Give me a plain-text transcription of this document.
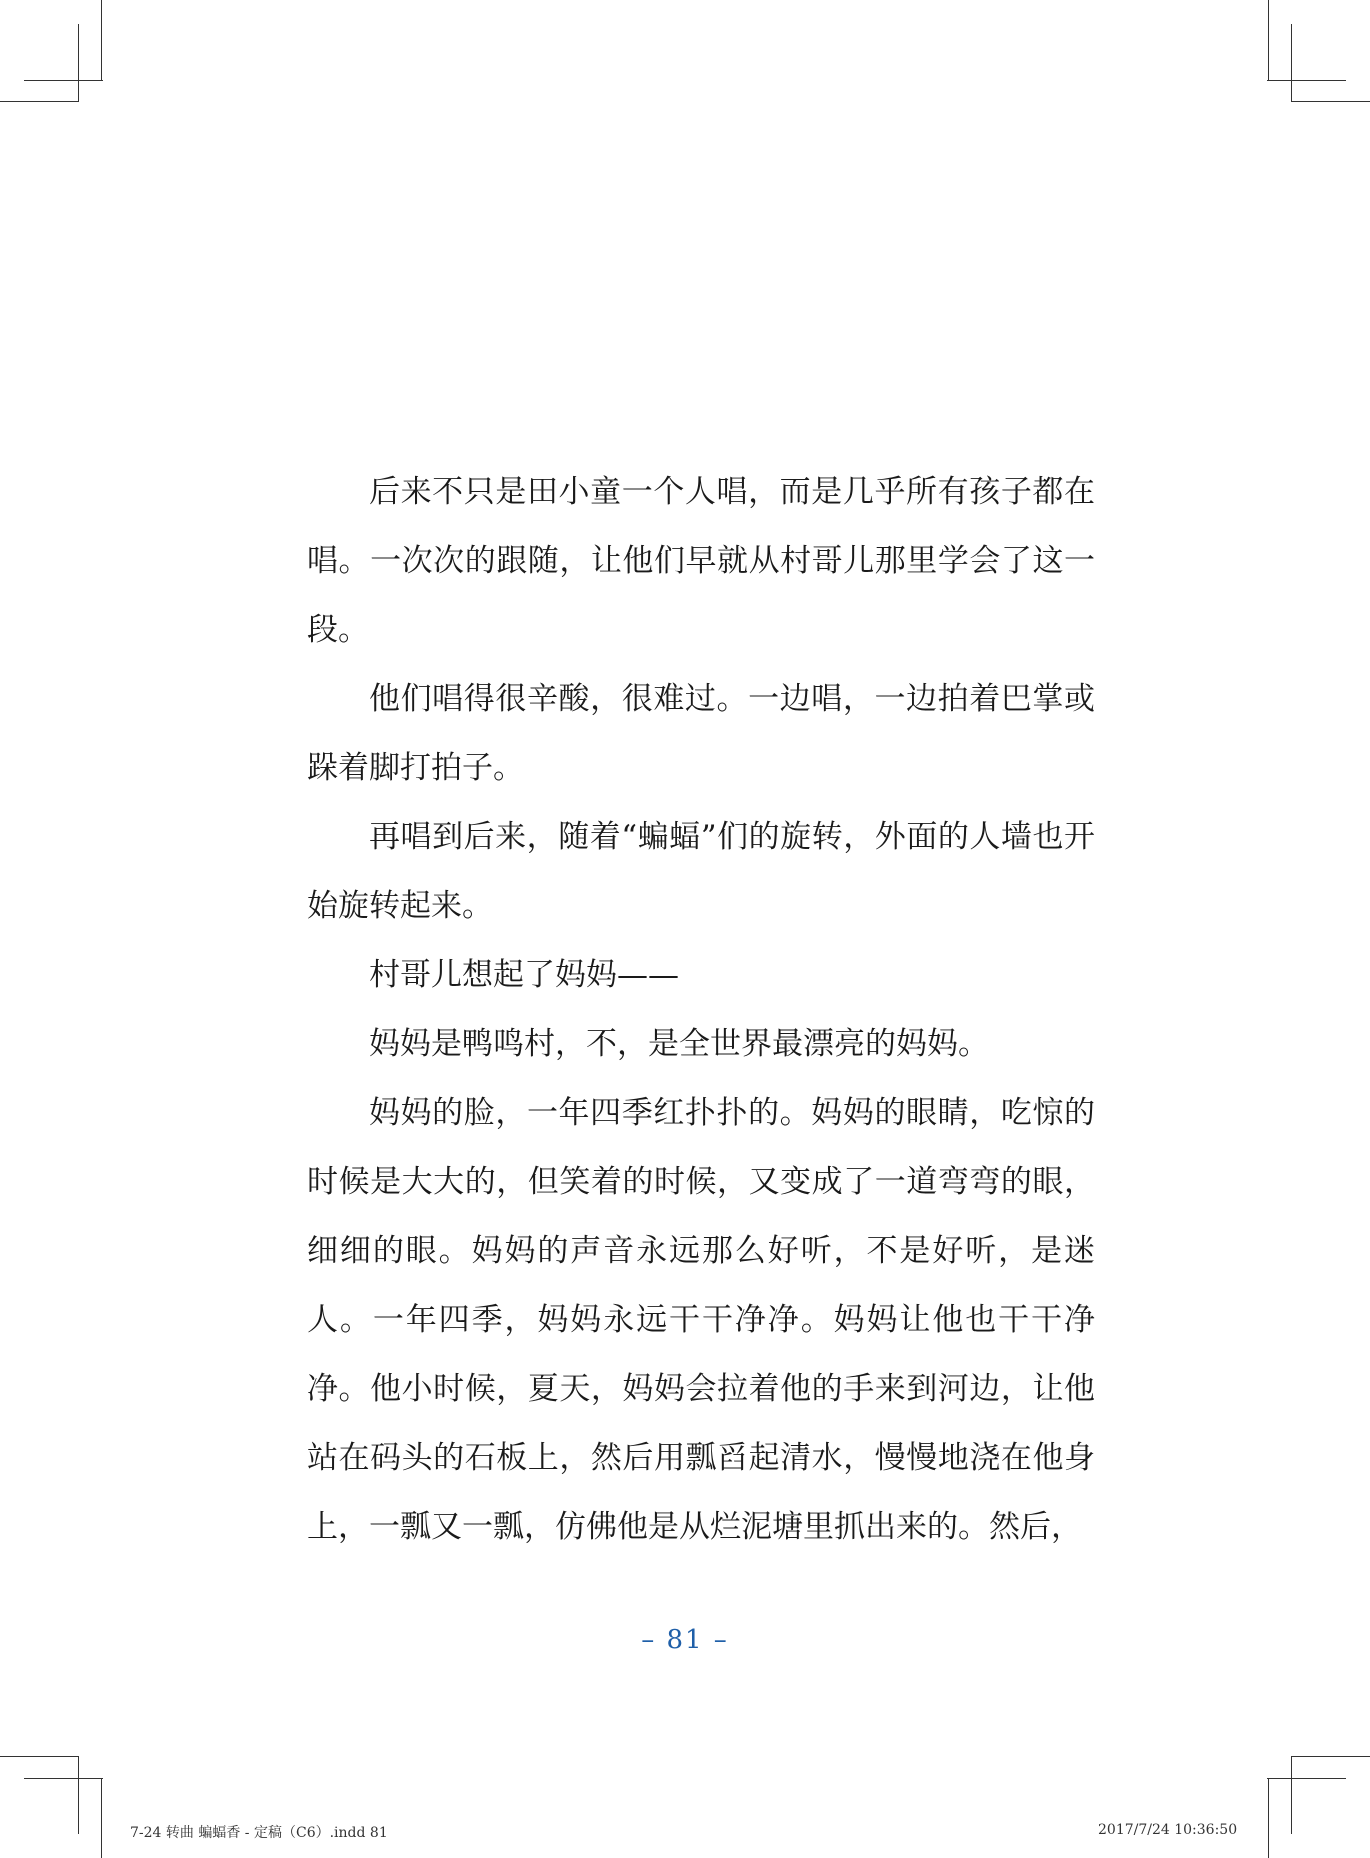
后来不只是田小童一个人唱，而是几乎所有孩子都在唱。一次次的跟随，让他们早就从村哥儿那里学会了这一段。

他们唱得很辛酸，很难过。一边唱，一边拍着巴掌或跺着脚打拍子。

再唱到后来，随着“蝙蝠”们的旋转，外面的人墙也开始旋转起来。

村哥儿想起了妈妈——

妈妈是鸭鸣村，不，是全世界最漂亮的妈妈。

妈妈的脸，一年四季红扑扑的。妈妈的眼睛，吃惊的时候是大大的，但笑着的时候，又变成了一道弯弯的眼，细细的眼。妈妈的声音永远那么好听，不是好听，是迷人。一年四季，妈妈永远干干净净。妈妈让他也干干净净。他小时候，夏天，妈妈会拉着他的手来到河边，让他站在码头的石板上，然后用瓢舀起清水，慢慢地浇在他身上，一瓢又一瓢，仿佛他是从烂泥塘里抓出来的。然后，

– 81 –
7-24 转曲 蝙蝠香 - 定稿（C6）.indd 81	2017/7/24 10:36:50
